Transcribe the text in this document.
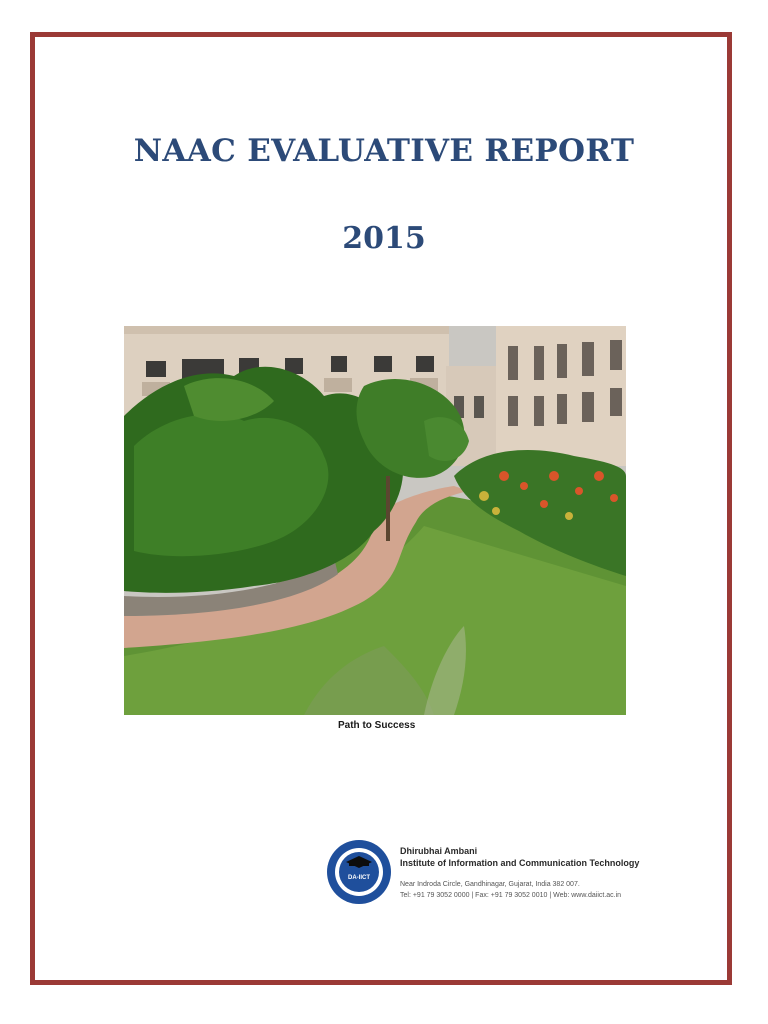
NAAC EVALUATIVE REPORT
2015
Path to Success
DA-IICT
Dhirubhai Ambani
Institute of Information and Communication Technology
Near Indroda Circle, Gandhinagar, Gujarat, India 382 007.
Tel: +91 79 3052 0000 | Fax: +91 79 3052 0010 | Web: www.daiict.ac.in
